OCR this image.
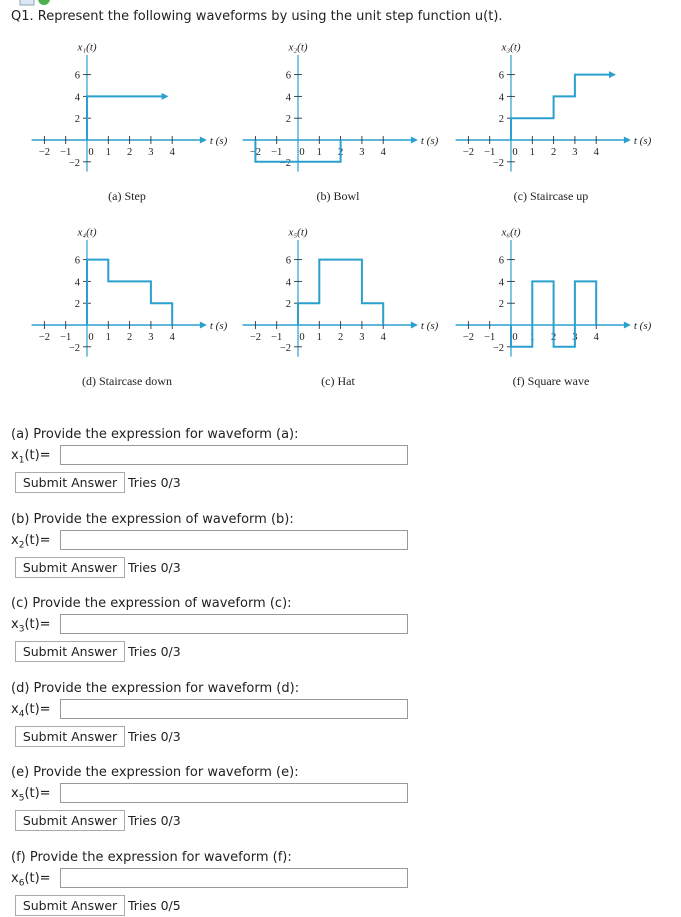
Q1. Represent the following waveforms by using the unit step function u(t).
−2 −1 0 1 2 3 4
6
4
2
−2
x₁(t)
t (s)
(a) Step
−2 −1 0 1 2 3 4
6
4
2
−2
x₂(t)
t (s)
(b) Bowl
−2 −1 0 1 2 3 4
6
4
2
−2
x₃(t)
t (s)
(c) Staircase up
−2 −1 0 1 2 3 4
6
4
2
−2
x₄(t)
t (s)
(d) Staircase down
−2 −1 0 1 2 3 4
6
4
2
−2
x₅(t)
t (s)
(c) Hat
−2 −1 0 1 2 3 4
6
4
2
−2
x₆(t)
t (s)
(f) Square wave
(a) Provide the expression for waveform (a):
$x_1(t)=$
Submit Answer Tries 0/3
(b) Provide the expression of waveform (b):
$x_2(t)=$
Submit Answer Tries 0/3
(c) Provide the expression of waveform (c):
$x_3(t)=$
Submit Answer Tries 0/3
(d) Provide the expression for waveform (d):
$x_4(t)=$
Submit Answer Tries 0/3
(e) Provide the expression for waveform (e):
$x_5(t)=$
Submit Answer Tries 0/3
(f) Provide the expression for waveform (f):
$x_6(t)=$
Submit Answer Tries 0/5
